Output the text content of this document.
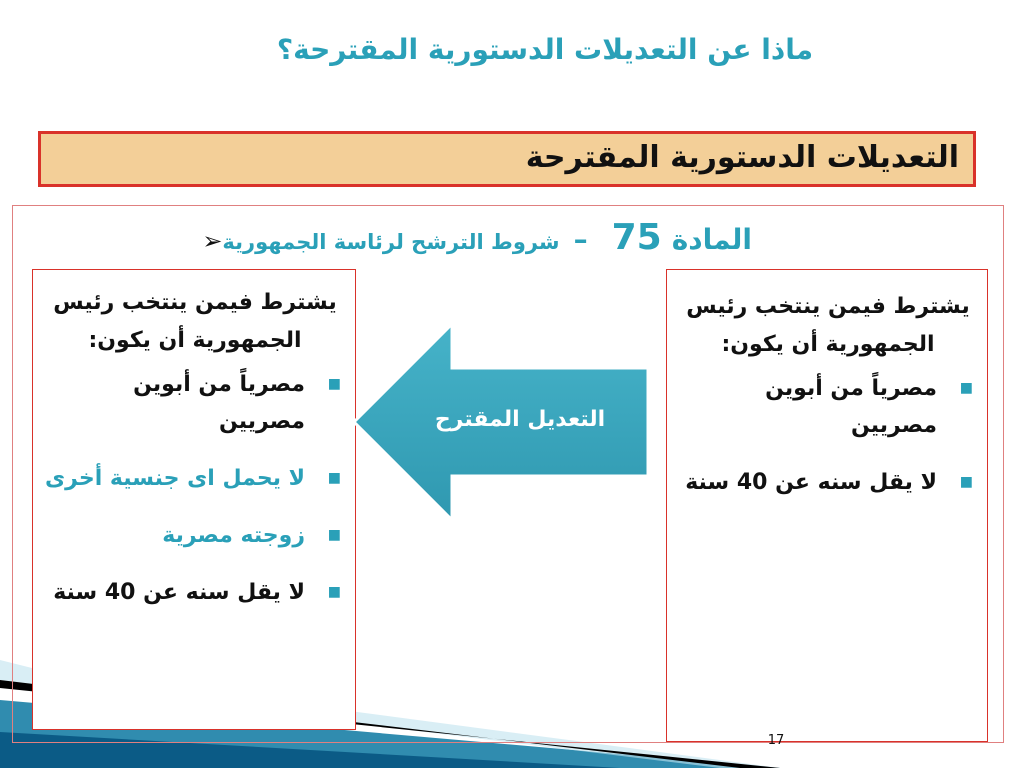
ماذا عن التعديلات الدستورية المقترحة؟
التعديلات الدستورية المقترحة
المادة75–شروط الترشح لرئاسة الجمهورية➢
يشترط فيمن ينتخب رئيس الجمهورية أن يكون:
■
مصرياً من أبوين مصريين
■
لا يحمل اى جنسية أخرى
■
زوجته مصرية
■
لا يقل سنه عن 40 سنة
يشترط فيمن ينتخب رئيس الجمهورية أن يكون:
■
مصرياً من أبوين مصريين
■
لا يقل سنه عن 40 سنة
التعديل المقترح
17
